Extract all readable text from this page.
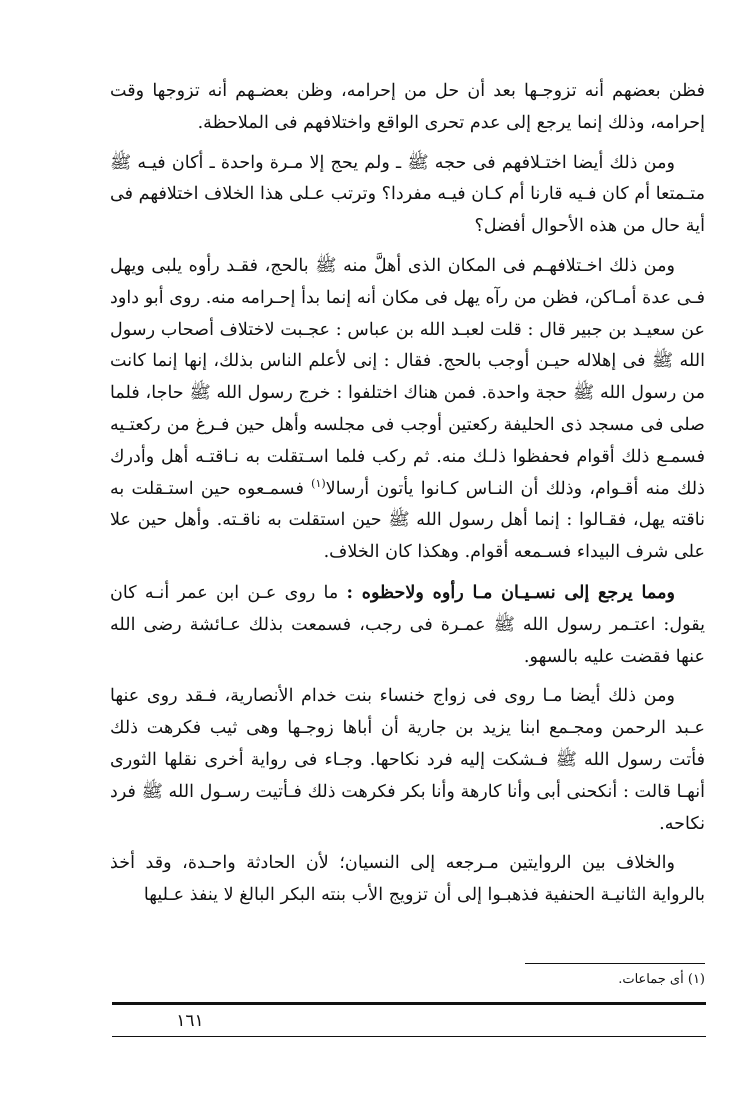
فظن بعضهم أنه تزوجـها بعد أن حل من إحرامه، وظن بعضـهم أنه تزوجها وقت إحرامه، وذلك إنما يرجع إلى عدم تحرى الواقع واختلافهم فى الملاحظة.

ومن ذلك أيضا اختـلافهم فى حجه ﷺ ـ ولم يحج إلا مـرة واحدة ـ أكان فيـه ﷺ متـمتعا أم كان فـيه قارنا أم كـان فيـه مفردا؟ وترتب عـلى هذا الخلاف اختلافهم فى أية حال من هذه الأحوال أفضل؟

ومن ذلك اخـتلافهـم فى المكان الذى أهلَّ منه ﷺ بالحج، فقـد رأوه يلبى ويهل فـى عدة أمـاكن، فظن من رآه يهل فى مكان أنه إنما بدأ إحـرامه منه. روى أبو داود عن سعيـد بن جبير قال : قلت لعبـد الله بن عباس : عجـبت لاختلاف أصحاب رسول الله ﷺ فى إهلاله حيـن أوجب بالحج. فقال : إنى لأعلم الناس بذلك، إنها إنما كانت من رسول الله ﷺ حجة واحدة. فمن هناك اختلفوا : خرج رسول الله ﷺ حاجا، فلما صلى فى مسجد ذى الحليفة ركعتين أوجب فى مجلسه وأهل حين فـرغ من ركعتـيه فسمـع ذلك أقوام فحفظوا ذلـك منه. ثم ركب فلما اسـتقلت به نـاقتـه أهل وأدرك ذلك منه أقـوام، وذلك أن النـاس كـانوا يأتون أرسالا$^{(١)}$ فسمـعوه حين استـقلت به ناقته يهل، فقـالوا : إنما أهل رسول الله ﷺ حين استقلت به ناقـته. وأهل حين علا على شرف البيداء فسـمعه أقوام. وهكذا كان الخلاف.

ومما يرجع إلى نسـيـان مـا رأوه ولاحظوه : ما روى عـن ابن عمر أنـه كان يقول: اعتـمر رسول الله ﷺ عمـرة فى رجب، فسمعت بذلك عـائشة رضى الله عنها فقضت عليه بالسهو.

ومن ذلك أيضا مـا روى فى زواج خنساء بنت خدام الأنصارية، فـقد روى عنها عـبد الرحمن ومجـمع ابنا يزيد بن جارية أن أباها زوجـها وهى ثيب فكرهت ذلك فأتت رسول الله ﷺ فـشكت إليه فرد نكاحها. وجـاء فى رواية أخرى نقلها الثورى أنهـا قالت : أنكحنى أبى وأنا كارهة وأنا بكر فكرهت ذلك فـأتيت رسـول الله ﷺ فرد نكاحه.

والخلاف بين الروايتين مـرجعه إلى النسيان؛ لأن الحادثة واحـدة، وقد أخذ بالرواية الثانيـة الحنفية فذهبـوا إلى أن تزويج الأب بنته البكر البالغ لا ينفذ عـليها

(١) أى جماعات.
١٦١
